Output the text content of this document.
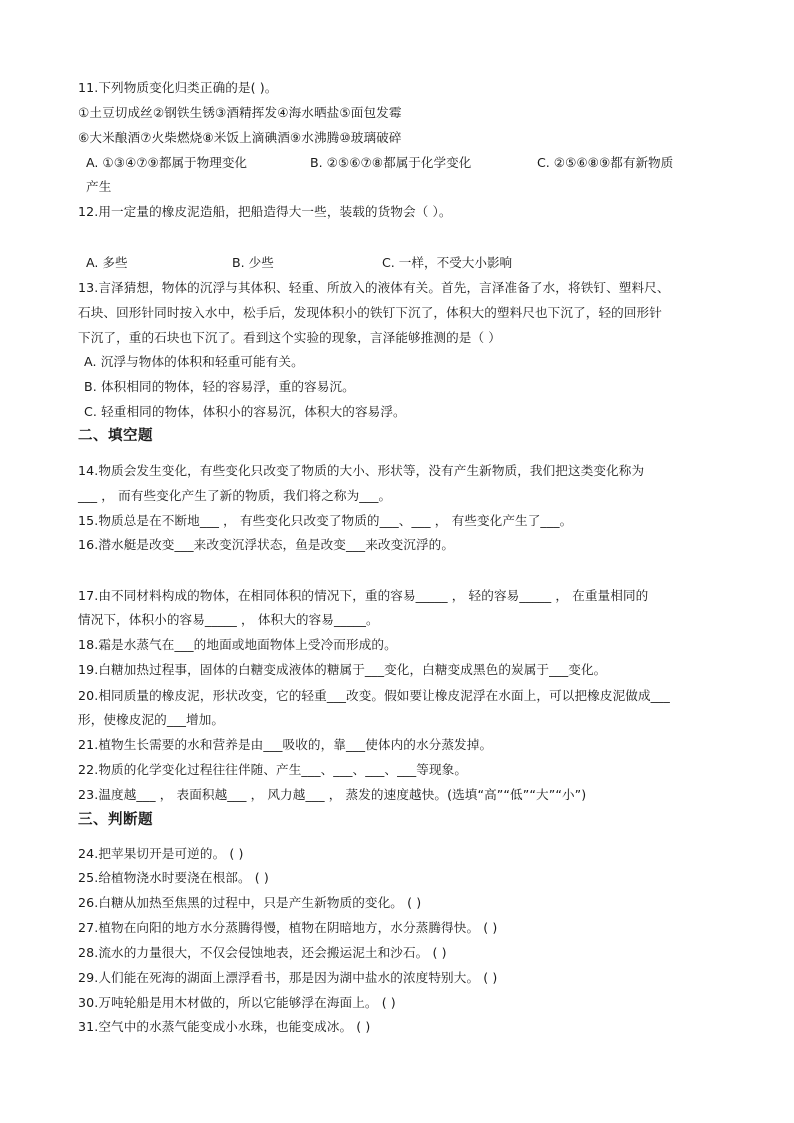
11.下列物质变化归类正确的是( )。
①土豆切成丝②钢铁生锈③酒精挥发④海水晒盐⑤面包发霉
⑥大米酿酒⑦火柴燃烧⑧米饭上滴碘酒⑨水沸腾⑩玻璃破碎
A. ①③④⑦⑨都属于物理变化	B. ②⑤⑥⑦⑧都属于化学变化	C. ②⑤⑥⑧⑨都有新物质
产生
12.用一定量的橡皮泥造船，把船造得大一些，装载的货物会（ ）。
A. 多些	B. 少些	C. 一样，不受大小影响
13.言泽猜想，物体的沉浮与其体积、轻重、所放入的液体有关。首先，言泽准备了水，将铁钉、塑料尺、
石块、回形针同时按入水中，松手后，发现体积小的铁钉下沉了，体积大的塑料尺也下沉了，轻的回形针
下沉了，重的石块也下沉了。看到这个实验的现象，言泽能够推测的是（ ）
A. 沉浮与物体的体积和轻重可能有关。
B. 体积相同的物体，轻的容易浮，重的容易沉。
C. 轻重相同的物体，体积小的容易沉，体积大的容易浮。
二、填空题
14.物质会发生变化，有些变化只改变了物质的大小、形状等，没有产生新物质，我们把这类变化称为
___ ， 而有些变化产生了新的物质，我们将之称为___。
15.物质总是在不断地___ ， 有些变化只改变了物质的___、___ ， 有些变化产生了___。
16.潜水艇是改变___来改变沉浮状态，鱼是改变___来改变沉浮的。
17.由不同材料构成的物体，在相同体积的情况下，重的容易_____ ， 轻的容易_____ ， 在重量相同的
情况下，体积小的容易_____ ， 体积大的容易_____。
18.霜是水蒸气在___的地面或地面物体上受冷而形成的。
19.白糖加热过程事，固体的白糖变成液体的糖属于___变化，白糖变成黑色的炭属于___变化。
20.相同质量的橡皮泥，形状改变，它的轻重___改变。假如要让橡皮泥浮在水面上，可以把橡皮泥做成___
形，使橡皮泥的___增加。
21.植物生长需要的水和营养是由___吸收的，靠___使体内的水分蒸发掉。
22.物质的化学变化过程往往伴随、产生___、___、___、___等现象。
23.温度越___ ， 表面积越___ ， 风力越___ ， 蒸发的速度越快。(选填“高”“低”“大”“小”)
三、判断题
24.把苹果切开是可逆的。 ( )
25.给植物浇水时要浇在根部。 ( )
26.白糖从加热至焦黑的过程中，只是产生新物质的变化。 ( )
27.植物在向阳的地方水分蒸腾得慢，植物在阴暗地方，水分蒸腾得快。 ( )
28.流水的力量很大，不仅会侵蚀地表，还会搬运泥土和沙石。 ( )
29.人们能在死海的湖面上漂浮看书，那是因为湖中盐水的浓度特别大。 ( )
30.万吨轮船是用木材做的，所以它能够浮在海面上。 ( )
31.空气中的水蒸气能变成小水珠，也能变成冰。 ( )
